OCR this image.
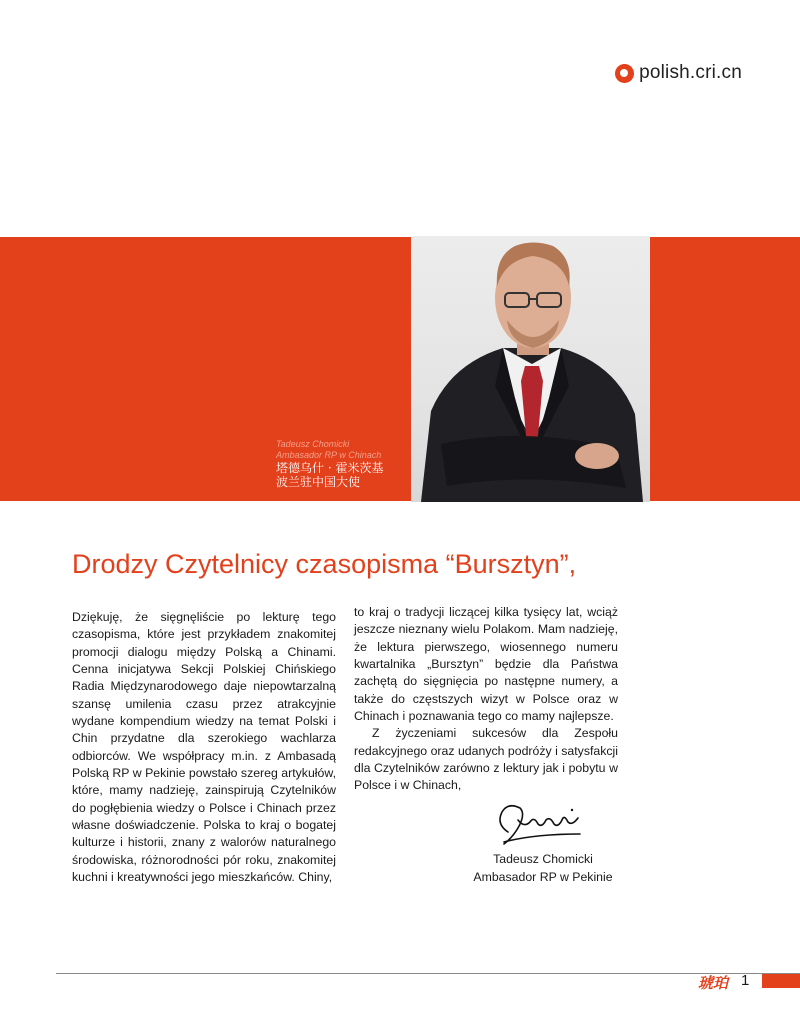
polish.cri.cn
Tadeusz Chomicki
Ambasador RP w Chinach
塔德乌什 · 霍米茨基
波兰驻中国大使
Drodzy Czytelnicy czasopisma “Bursztyn”,

Dziękuję, że sięgnęliście po lekturę tego czasopisma, które jest przykładem znakomitej promocji dialogu między Polską a Chinami. Cenna inicjatywa Sekcji Polskiej Chińskiego Radia Międzynarodowego daje niepowtarzalną szansę umilenia czasu przez atrakcyjnie wydane kompendium wiedzy na temat Polski i Chin przydatne dla szerokiego wachlarza odbiorców. We współpracy m.in. z Ambasadą Polską RP w Pekinie powstało szereg artykułów, które, mamy nadzieję, zainspirują Czytelników do pogłębienia wiedzy o Polsce i Chinach przez własne doświadczenie. Polska to kraj o bogatej kulturze i historii, znany z walorów naturalnego środowiska, różnorodności pór roku, znakomitej kuchni i kreatywności jego mieszkańców. Chiny,

to kraj o tradycji liczącej kilka tysięcy lat, wciąż jeszcze nieznany wielu Polakom. Mam nadzieję, że lektura pierwszego, wiosennego numeru kwartalnika „Bursztyn” będzie dla Państwa zachętą do sięgnięcia po następne numery, a także do częstszych wizyt w Polsce oraz w Chinach i poznawania tego co mamy najlepsze.

Z życzeniami sukcesów dla Zespołu redakcyjnego oraz udanych podróży i satysfakcji dla Czytelników zarówno z lektury jak i pobytu w Polsce i w Chinach,

Tadeusz Chomicki
Ambasador RP w Pekinie
琥珀 1
